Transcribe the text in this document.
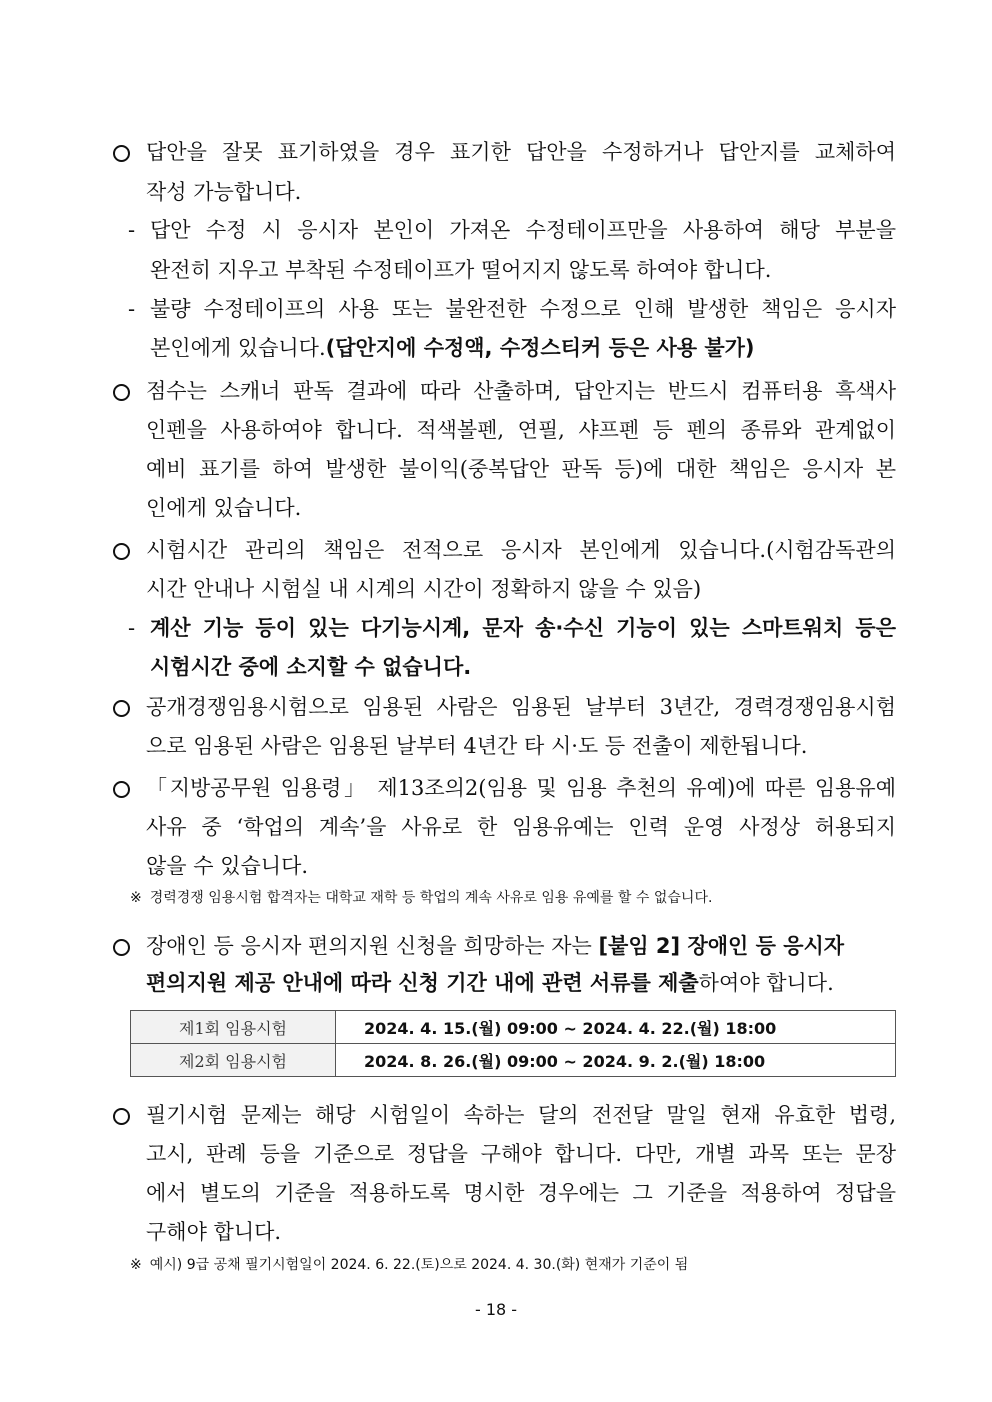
답안을 잘못 표기하였을 경우 표기한 답안을 수정하거나 답안지를 교체하여
작성 가능합니다.
- 답안 수정 시 응시자 본인이 가져온 수정테이프만을 사용하여 해당 부분을
완전히 지우고 부착된 수정테이프가 떨어지지 않도록 하여야 합니다.
- 불량 수정테이프의 사용 또는 불완전한 수정으로 인해 발생한 책임은 응시자
본인에게 있습니다.(답안지에 수정액, 수정스티커 등은 사용 불가)
점수는 스캐너 판독 결과에 따라 산출하며, 답안지는 반드시 컴퓨터용 흑색사
인펜을 사용하여야 합니다. 적색볼펜, 연필, 샤프펜 등 펜의 종류와 관계없이
예비 표기를 하여 발생한 불이익(중복답안 판독 등)에 대한 책임은 응시자 본
인에게 있습니다.
시험시간 관리의 책임은 전적으로 응시자 본인에게 있습니다.(시험감독관의
시간 안내나 시험실 내 시계의 시간이 정확하지 않을 수 있음)
- 계산 기능 등이 있는 다기능시계, 문자 송·수신 기능이 있는 스마트워치 등은
시험시간 중에 소지할 수 없습니다.
공개경쟁임용시험으로 임용된 사람은 임용된 날부터 3년간, 경력경쟁임용시험
으로 임용된 사람은 임용된 날부터 4년간 타 시·도 등 전출이 제한됩니다.
「지방공무원 임용령」 제13조의2(임용 및 임용 추천의 유예)에 따른 임용유예
사유 중 ‘학업의 계속’을 사유로 한 임용유예는 인력 운영 사정상 허용되지
않을 수 있습니다.
※ 경력경쟁 임용시험 합격자는 대학교 재학 등 학업의 계속 사유로 임용 유예를 할 수 없습니다.
장애인 등 응시자 편의지원 신청을 희망하는 자는 [붙임 2] 장애인 등 응시자
편의지원 제공 안내에 따라 신청 기간 내에 관련 서류를 제출하여야 합니다.
제1회 임용시험	2024. 4. 15.(월) 09:00 ~ 2024. 4. 22.(월) 18:00
제2회 임용시험	2024. 8. 26.(월) 09:00 ~ 2024. 9. 2.(월) 18:00
필기시험 문제는 해당 시험일이 속하는 달의 전전달 말일 현재 유효한 법령,
고시, 판례 등을 기준으로 정답을 구해야 합니다. 다만, 개별 과목 또는 문장
에서 별도의 기준을 적용하도록 명시한 경우에는 그 기준을 적용하여 정답을
구해야 합니다.
※ 예시) 9급 공채 필기시험일이 2024. 6. 22.(토)으로 2024. 4. 30.(화) 현재가 기준이 됨
- 18 -
